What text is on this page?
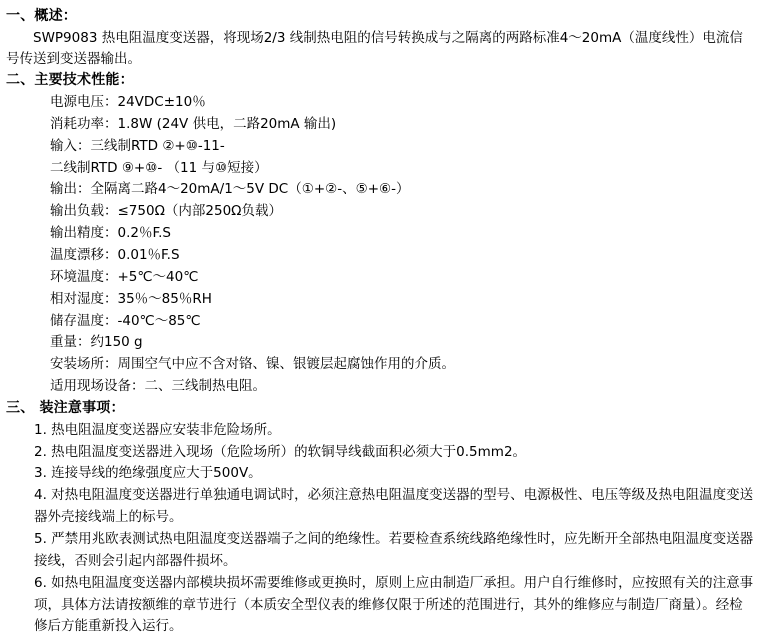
一、概述：

SWP9083 热电阻温度变送器，将现场2/3 线制热电阻的信号转换成与之隔离的两路标准4～20mA（温度线性）电流信号传送到变送器输出。

二、主要技术性能：

电源电压：24VDC±10％

消耗功率：1.8W (24V 供电，二路20mA 输出)

输入：三线制RTD ②+⑩-11-

二线制RTD ⑨+⑩- （11 与⑩短接）

输出：全隔离二路4～20mA/1～5V DC（①+②-、⑤+⑥-）

输出负载：≤750Ω（内部250Ω负载）

输出精度：0.2％F.S

温度漂移：0.01％F.S

环境温度：+5℃～40℃

相对湿度：35％～85％RH

储存温度：-40℃～85℃

重量：约150 g

安装场所：周围空气中应不含对铬、镍、银镀层起腐蚀作用的介质。

适用现场设备：二、三线制热电阻。

三、 装注意事项：

1. 热电阻温度变送器应安装非危险场所。

2. 热电阻温度变送器进入现场（危险场所）的软铜导线截面积必须大于0.5mm2。

3. 连接导线的绝缘强度应大于500V。

4. 对热电阻温度变送器进行单独通电调试时，必须注意热电阻温度变送器的型号、电源极性、电压等级及热电阻温度变送器外壳接线端上的标号。

5. 严禁用兆欧表测试热电阻温度变送器端子之间的绝缘性。若要检查系统线路绝缘性时，应先断开全部热电阻温度变送器接线，否则会引起内部器件损坏。

6. 如热电阻温度变送器内部模块损坏需要维修或更换时，原则上应由制造厂承担。用户自行维修时，应按照有关的注意事项，具体方法请按额维的章节进行（本质安全型仪表的维修仅限于所述的范围进行，其外的维修应与制造厂商量）。经检修后方能重新投入运行。
